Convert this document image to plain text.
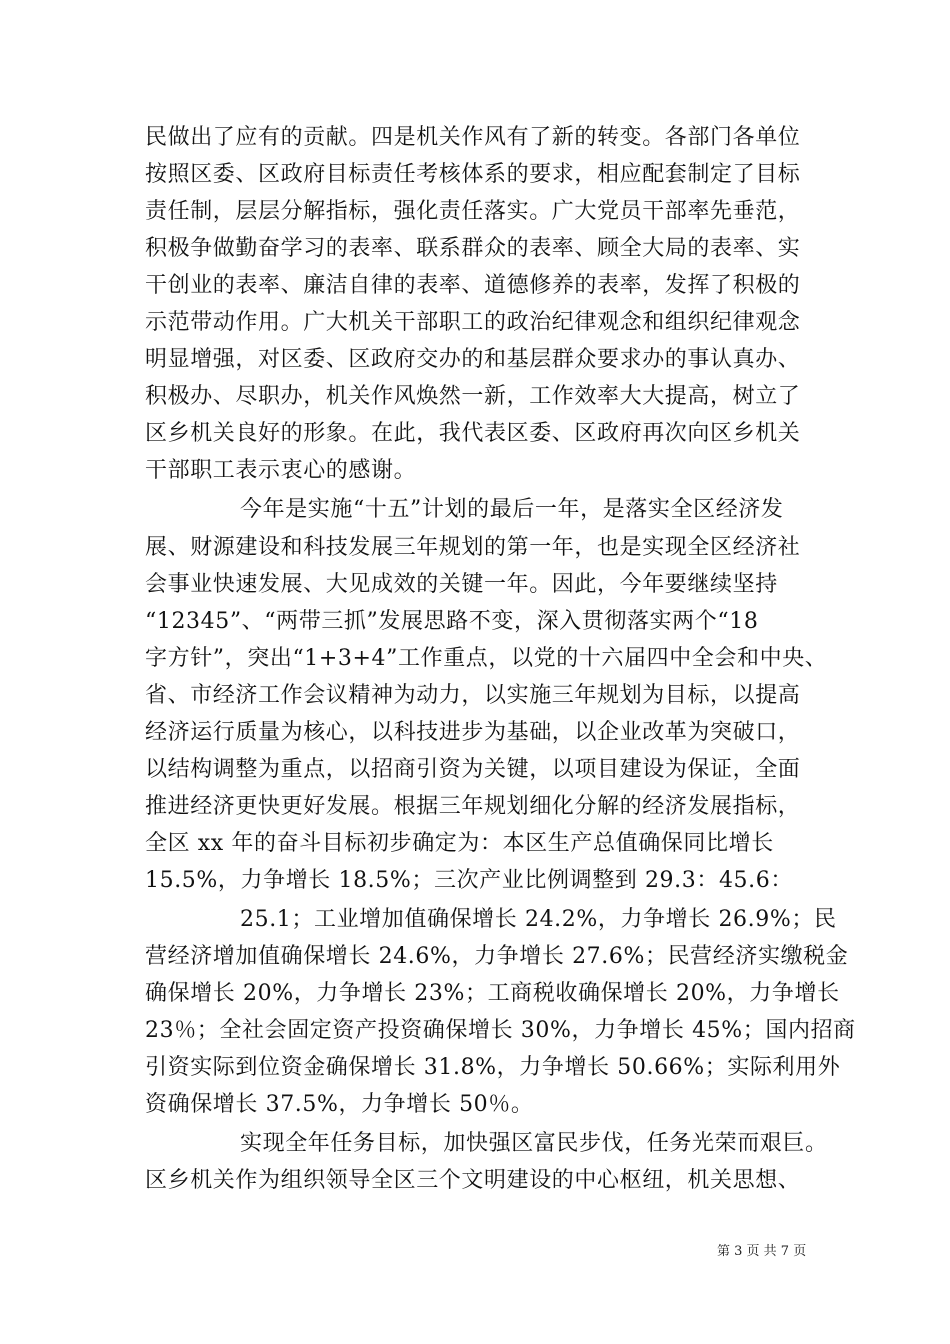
民做出了应有的贡献。四是机关作风有了新的转变。各部门各单位
按照区委、区政府目标责任考核体系的要求，相应配套制定了目标
责任制，层层分解指标，强化责任落实。广大党员干部率先垂范，
积极争做勤奋学习的表率、联系群众的表率、顾全大局的表率、实
干创业的表率、廉洁自律的表率、道德修养的表率，发挥了积极的
示范带动作用。广大机关干部职工的政治纪律观念和组织纪律观念
明显增强，对区委、区政府交办的和基层群众要求办的事认真办、
积极办、尽职办，机关作风焕然一新，工作效率大大提高，树立了
区乡机关良好的形象。在此，我代表区委、区政府再次向区乡机关
干部职工表示衷心的感谢。
今年是实施“十五”计划的最后一年，是落实全区经济发
展、财源建设和科技发展三年规划的第一年，也是实现全区经济社
会事业快速发展、大见成效的关键一年。因此，今年要继续坚持
“12345”、“两带三抓”发展思路不变，深入贯彻落实两个“18
字方针”，突出“1+3+4”工作重点，以党的十六届四中全会和中央、
省、市经济工作会议精神为动力，以实施三年规划为目标，以提高
经济运行质量为核心，以科技进步为基础，以企业改革为突破口，
以结构调整为重点，以招商引资为关键，以项目建设为保证，全面
推进经济更快更好发展。根据三年规划细化分解的经济发展指标，
全区 xx 年的奋斗目标初步确定为：本区生产总值确保同比增长
15.5%，力争增长 18.5%；三次产业比例调整到 29.3：45.6：
25.1；工业增加值确保增长 24.2%，力争增长 26.9%；民
营经济增加值确保增长 24.6%，力争增长 27.6%；民营经济实缴税金
确保增长 20%，力争增长 23%；工商税收确保增长 20%，力争增长
23％；全社会固定资产投资确保增长 30%，力争增长 45%；国内招商
引资实际到位资金确保增长 31.8%，力争增长 50.66%；实际利用外
资确保增长 37.5%，力争增长 50％。
实现全年任务目标，加快强区富民步伐，任务光荣而艰巨。
区乡机关作为组织领导全区三个文明建设的中心枢纽，机关思想、
第 3 页 共 7 页
